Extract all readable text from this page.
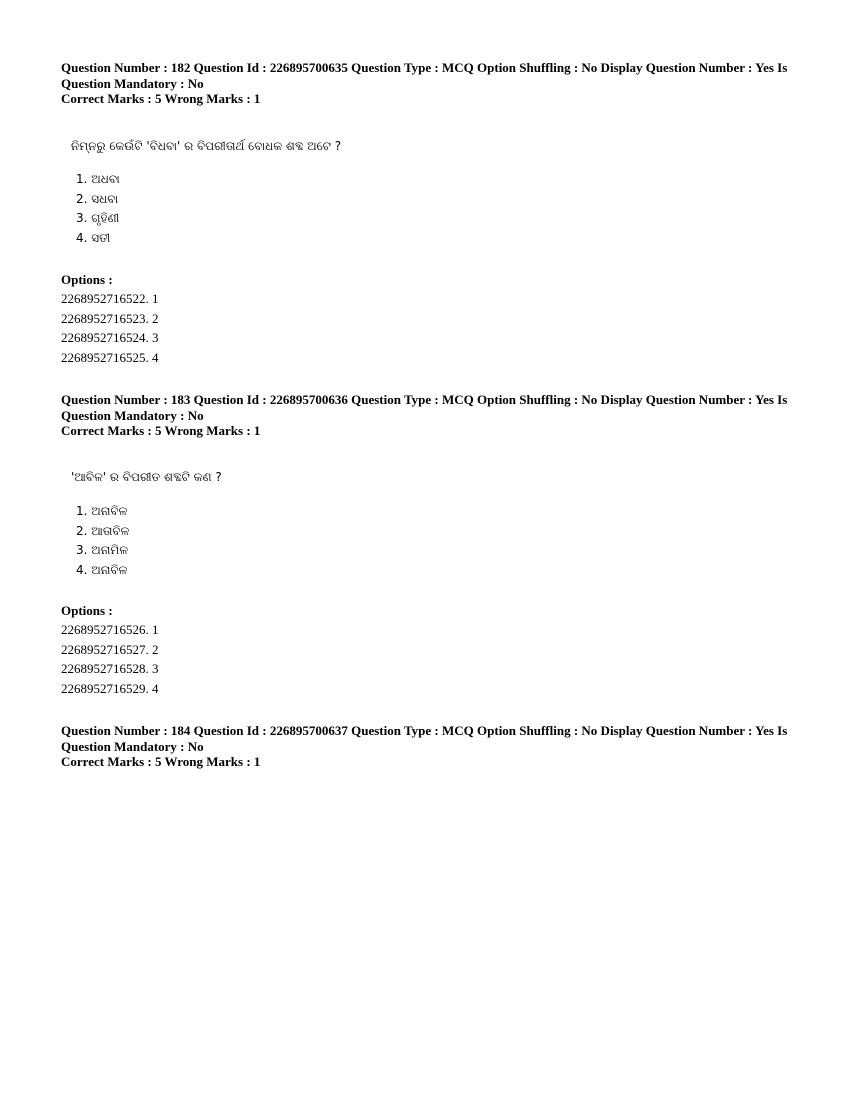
Question Number : 182 Question Id : 226895700635 Question Type : MCQ Option Shuffling : No Display Question Number : Yes Is
Question Mandatory : No
Correct Marks : 5 Wrong Marks : 1

ନିମ୍ନରୁ କେଉଁଟି 'ବିଧବା' ର ବିପରୀତାର୍ଥ ବୋଧକ ଶବ୍ଦ ଅଟେ ?

1. ଅଧବା
2. ସଧବା
3. ଗୃହିଣୀ
4. ସତୀ

Options :

2268952716522. 1
2268952716523. 2
2268952716524. 3
2268952716525. 4

Question Number : 183 Question Id : 226895700636 Question Type : MCQ Option Shuffling : No Display Question Number : Yes Is
Question Mandatory : No
Correct Marks : 5 Wrong Marks : 1

'ଆବିଳ' ର ବିପରୀତ ଶବ୍ଦଟି କଣ ?

1. ଅନାବିଳ
2. ଆତାବିଳ
3. ଅନାମିଳ
4. ଅନାବିଳ

Options :

2268952716526. 1
2268952716527. 2
2268952716528. 3
2268952716529. 4

Question Number : 184 Question Id : 226895700637 Question Type : MCQ Option Shuffling : No Display Question Number : Yes Is
Question Mandatory : No
Correct Marks : 5 Wrong Marks : 1
